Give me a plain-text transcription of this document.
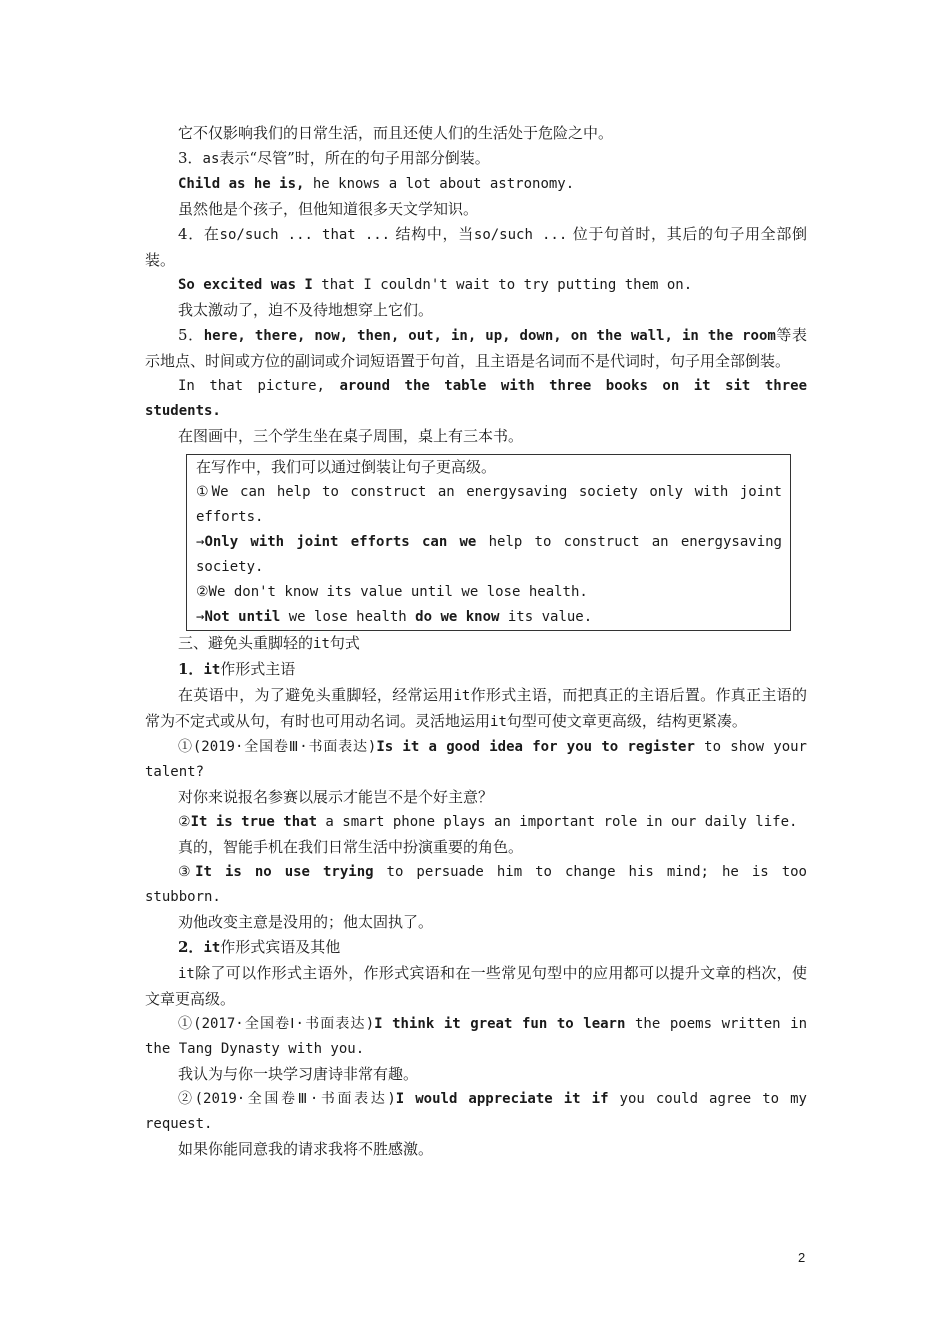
它不仅影响我们的日常生活，而且还使人们的生活处于危险之中。

3．as表示“尽管”时，所在的句子用部分倒装。

Child as he is, he knows a lot about astronomy.

虽然他是个孩子，但他知道很多天文学知识。

4．在so/such ... that ... 结构中，当so/such ... 位于句首时，其后的句子用全部倒装。

So excited was I that I couldn't wait to try putting them on.

我太激动了，迫不及待地想穿上它们。

5．here, there, now, then, out, in, up, down, on the wall, in the room等表示地点、时间或方位的副词或介词短语置于句首，且主语是名词而不是代词时，句子用全部倒装。

In that picture, around the table with three books on it sit three students.

在图画中，三个学生坐在桌子周围，桌上有三本书。

在写作中，我们可以通过倒装让句子更高级。

①We can help to construct an energysaving society only with joint efforts.

→Only with joint efforts can we help to construct an energysaving society.

②We don't know its value until we lose health.

→Not until we lose health do we know its value.

三、避免头重脚轻的it句式

1．it作形式主语

在英语中，为了避免头重脚轻，经常运用it作形式主语，而把真正的主语后置。作真正主语的常为不定式或从句，有时也可用动名词。灵活地运用it句型可使文章更高级，结构更紧凑。

①(2019·全国卷Ⅲ·书面表达)Is it a good idea for you to register to show your talent?

对你来说报名参赛以展示才能岂不是个好主意？

②It is true that a smart phone plays an important role in our daily life.

真的，智能手机在我们日常生活中扮演重要的角色。

③It is no use trying to persuade him to change his mind; he is too stubborn.

劝他改变主意是没用的；他太固执了。

2．it作形式宾语及其他

it除了可以作形式主语外，作形式宾语和在一些常见句型中的应用都可以提升文章的档次，使文章更高级。

①(2017·全国卷Ⅰ·书面表达)I think it great fun to learn the poems written in the Tang Dynasty with you.

我认为与你一块学习唐诗非常有趣。

②(2019·全国卷Ⅲ·书面表达)I would appreciate it if you could agree to my request.

如果你能同意我的请求我将不胜感激。

2
